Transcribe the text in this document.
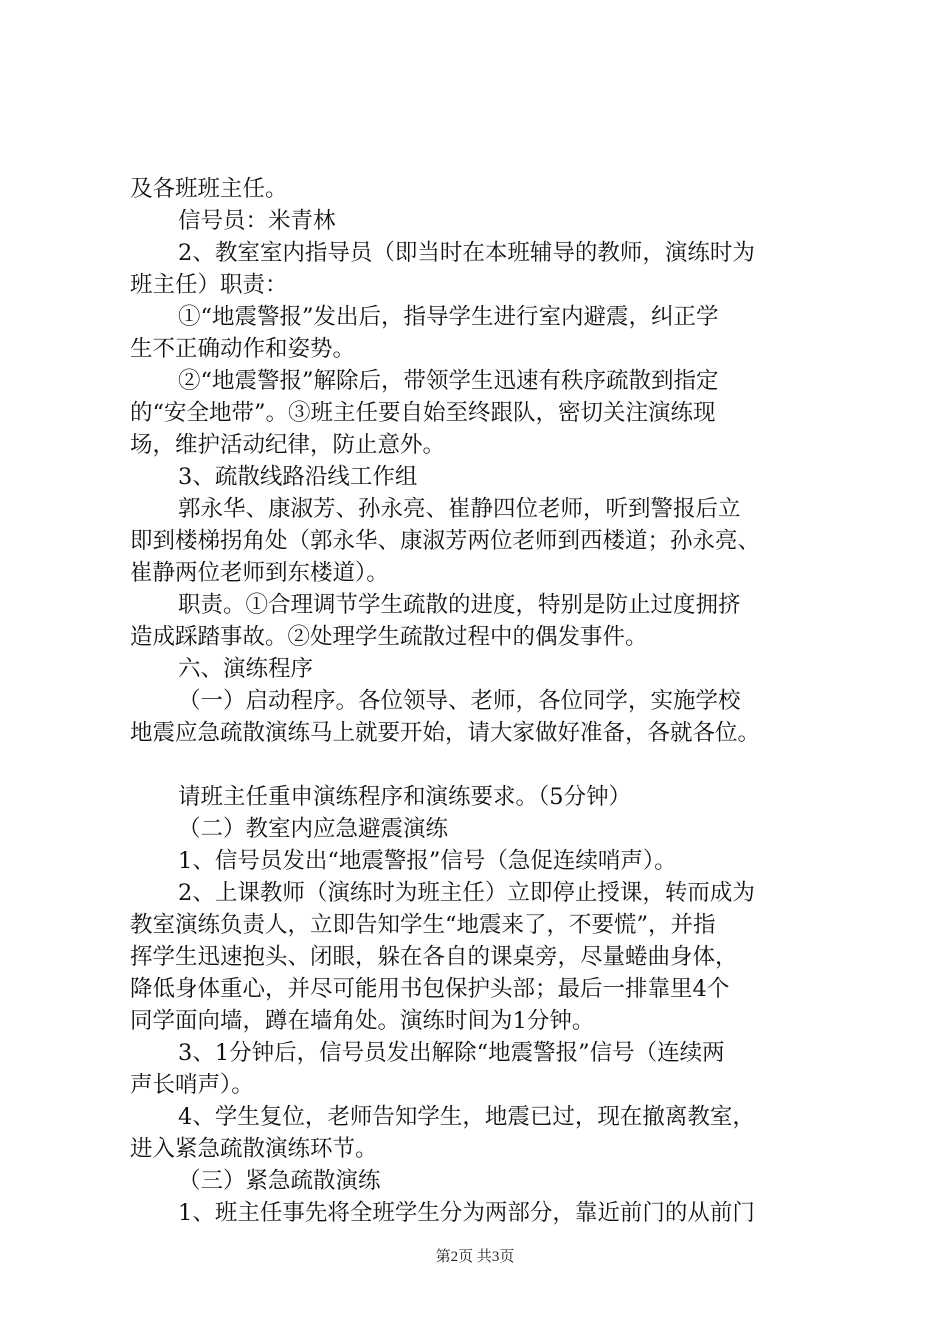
及各班班主任。
信号员：米青林
2、教室室内指导员（即当时在本班辅导的教师，演练时为
班主任）职责：
①“地震警报”发出后，指导学生进行室内避震，纠正学
生不正确动作和姿势。
②“地震警报”解除后，带领学生迅速有秩序疏散到指定
的“安全地带”。③班主任要自始至终跟队，密切关注演练现
场，维护活动纪律，防止意外。
3、疏散线路沿线工作组
郭永华、康淑芳、孙永亮、崔静四位老师，听到警报后立
即到楼梯拐角处（郭永华、康淑芳两位老师到西楼道；孙永亮、
崔静两位老师到东楼道）。
职责。①合理调节学生疏散的进度，特别是防止过度拥挤
造成踩踏事故。②处理学生疏散过程中的偶发事件。
六、演练程序
（一）启动程序。各位领导、老师，各位同学，实施学校
地震应急疏散演练马上就要开始，请大家做好准备，各就各位。
请班主任重申演练程序和演练要求。（5分钟）
（二）教室内应急避震演练
1、信号员发出“地震警报”信号（急促连续哨声）。
2、上课教师（演练时为班主任）立即停止授课，转而成为
教室演练负责人，立即告知学生“地震来了，不要慌”，并指
挥学生迅速抱头、闭眼，躲在各自的课桌旁，尽量蜷曲身体，
降低身体重心，并尽可能用书包保护头部；最后一排靠里4个
同学面向墙，蹲在墙角处。演练时间为1分钟。
3、1分钟后，信号员发出解除“地震警报”信号（连续两
声长哨声）。
4、学生复位，老师告知学生，地震已过，现在撤离教室，
进入紧急疏散演练环节。
（三）紧急疏散演练
1、班主任事先将全班学生分为两部分，靠近前门的从前门
第2页 共3页
